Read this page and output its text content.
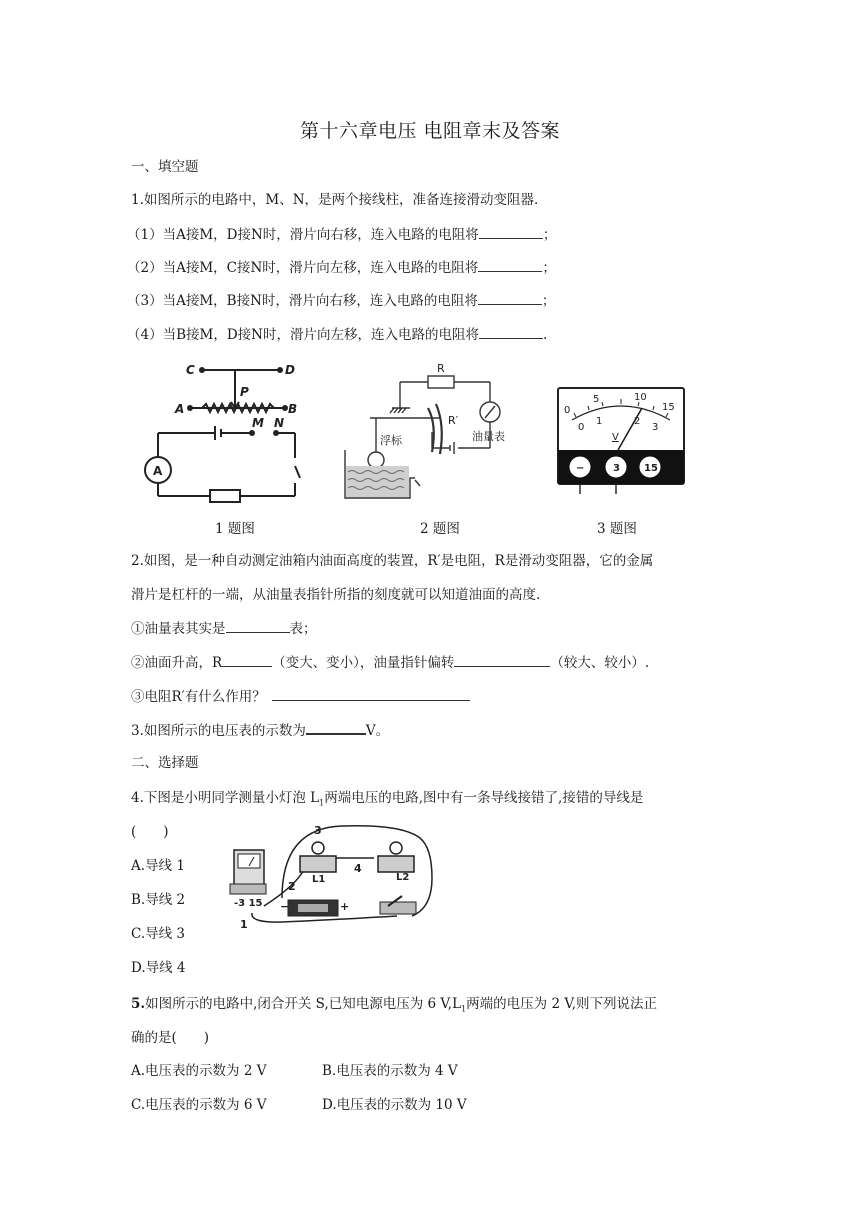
第十六章电压 电阻章末及答案
一、填空题
1.如图所示的电路中，M、N，是两个接线柱，准备连接滑动变阻器.
（1）当A接M，D接N时，滑片向右移，连入电路的电阻将	；
（2）当A接M，C接N时，滑片向左移，连入电路的电阻将	；
（3）当A接M，B接N时，滑片向右移，连入电路的电阻将	；
（4）当B接M，D接N时，滑片向左移，连入电路的电阻将	.
C	D
P
A	B
M N
A
1 题图
R
R′
浮标	油量表
2 题图
0
5	10
15
0
1	2
3
V
−	3 15
3 题图
2.如图，是一种自动测定油箱内油面高度的装置，R′是电阻，R是滑动变阻器，它的金属
滑片是杠杆的一端，从油量表指针所指的刻度就可以知道油面的高度.
①油量表其实是	表；
②油面升高，R	（变大、变小），油量指针偏转	（较大、较小）.
③电阻R′有什么作用？
3.如图所示的电压表的示数为	V。
二、选择题
4.下图是小明同学测量小灯泡 $L_1$两端电压的电路,图中有一条导线接错了,接错的导线是
(　　)
A.导线 1
B.导线 2
C.导线 3
D.导线 4
3
4
2
1
L1	L2
-3 15 −	+
5.如图所示的电路中,闭合开关 S,已知电源电压为 6 $V,L_1$两端的电压为 2 V,则下列说法正
确的是(　　)
A.电压表的示数为 2 V	B.电压表的示数为 4 V
C.电压表的示数为 6 V	D.电压表的示数为 10 V
